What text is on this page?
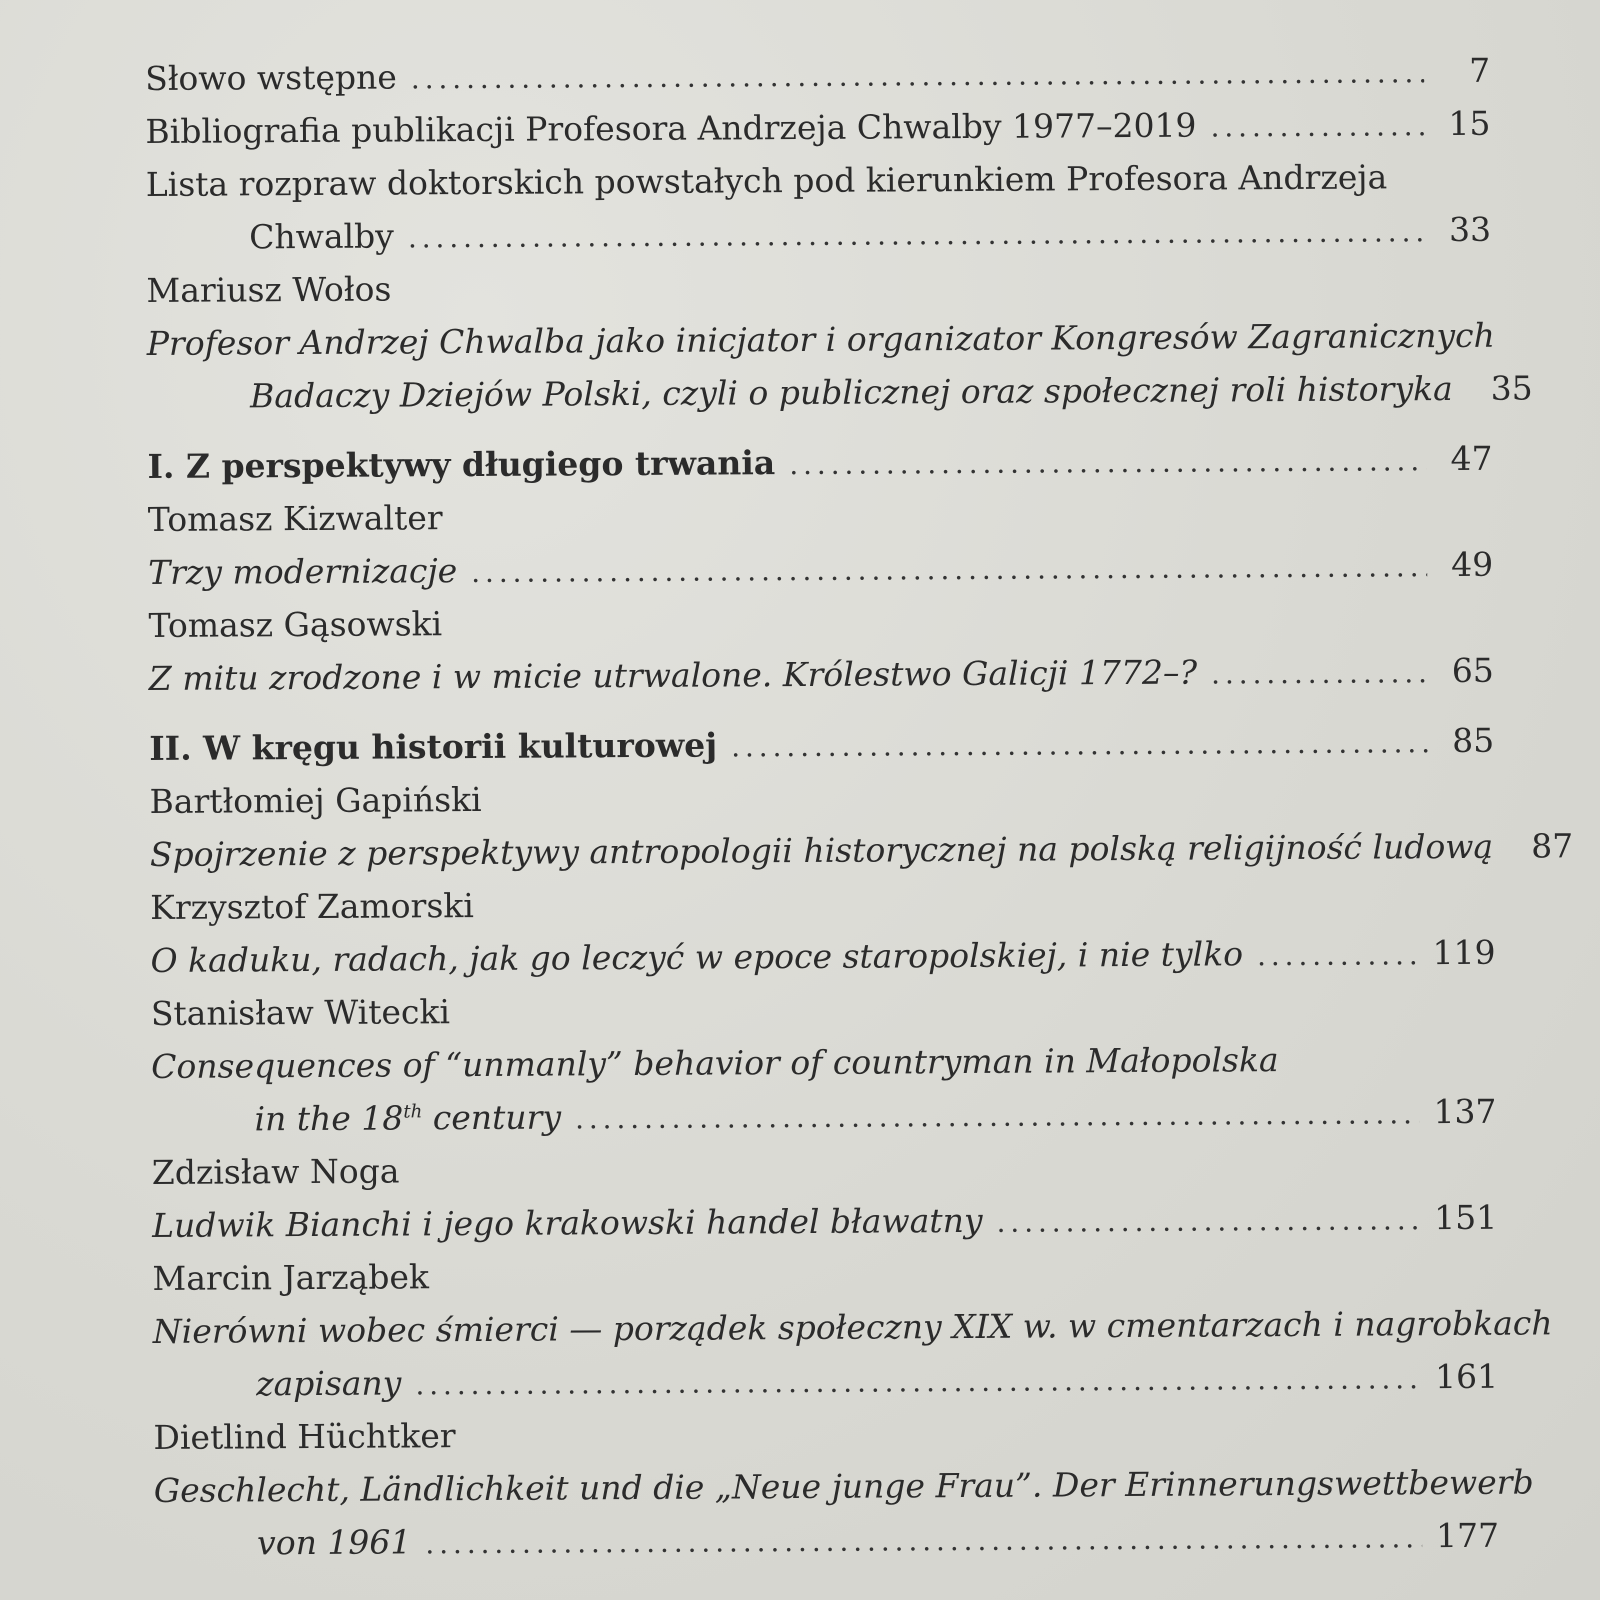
Słowo wstępne . . .	7
Bibliografia publikacji Profesora Andrzeja Chwalby 1977–2019 . . .	15
Lista rozpraw doktorskich powstałych pod kierunkiem Profesora Andrzeja
Chwalby . . .	33
Mariusz Wołos
Profesor Andrzej Chwalba jako inicjator i organizator Kongresów Zagranicznych
Badaczy Dziejów Polski, czyli o publicznej oraz społecznej roli historyka . . .	35
I. Z perspektywy długiego trwania . . .	47
Tomasz Kizwalter
Trzy modernizacje . . .	49
Tomasz Gąsowski
Z mitu zrodzone i w micie utrwalone. Królestwo Galicji 1772–? . . .	65
II. W kręgu historii kulturowej . . .	85
Bartłomiej Gapiński
Spojrzenie z perspektywy antropologii historycznej na polską religijność ludową . . .	87
Krzysztof Zamorski
O kaduku, radach, jak go leczyć w epoce staropolskiej, i nie tylko . . .	119
Stanisław Witecki
Consequences of “unmanly” behavior of countryman in Małopolska
in the 18th century . . .	137
Zdzisław Noga
Ludwik Bianchi i jego krakowski handel bławatny . . .	151
Marcin Jarząbek
Nierówni wobec śmierci — porządek społeczny XIX w. w cmentarzach i nagrobkach
zapisany . . .	161
Dietlind Hüchtker
Geschlecht, Ländlichkeit und die „Neue junge Frau”. Der Erinnerungswettbewerb
von 1961 . . .	177
